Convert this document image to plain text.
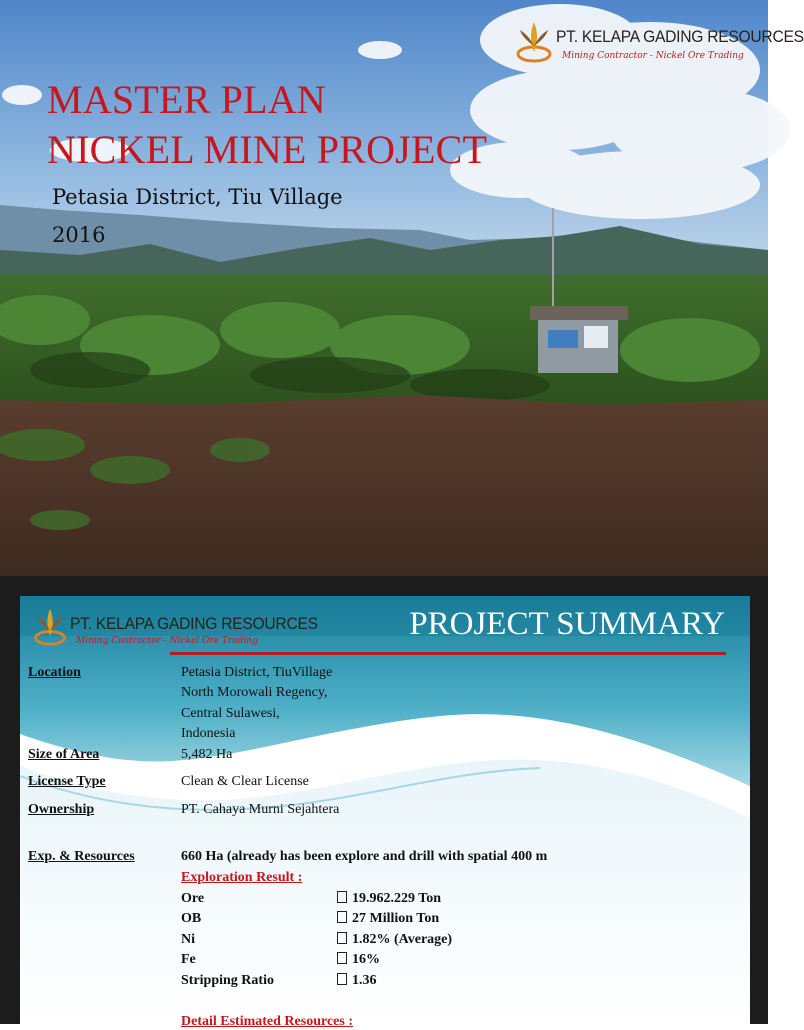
PT. KELAPA GADING RESOURCES
Mining Contractor - Nickel Ore Trading
MASTER PLAN
NICKEL MINE PROJECT
Petasia District, Tiu Village
2016
PT. KELAPA GADING RESOURCES
Mining Contractor - Nickel Ore Trading	PROJECT SUMMARY
Location	Petasia District, TiuVillage
North Morowali Regency,
Central Sulawesi,
Indonesia
Size of Area	5,482 Ha
License Type	Clean & Clear License
Ownership	PT. Cahaya Murni Sejahtera
Exp. & Resources	660 Ha (already has been explore and drill with spatial 400 m
Exploration Result :
Ore	19.962.229 Ton
OB	27 Million Ton
Ni	1.82% (Average)
Fe	16%
Stripping Ratio	1.36
Detail Estimated Resources :
